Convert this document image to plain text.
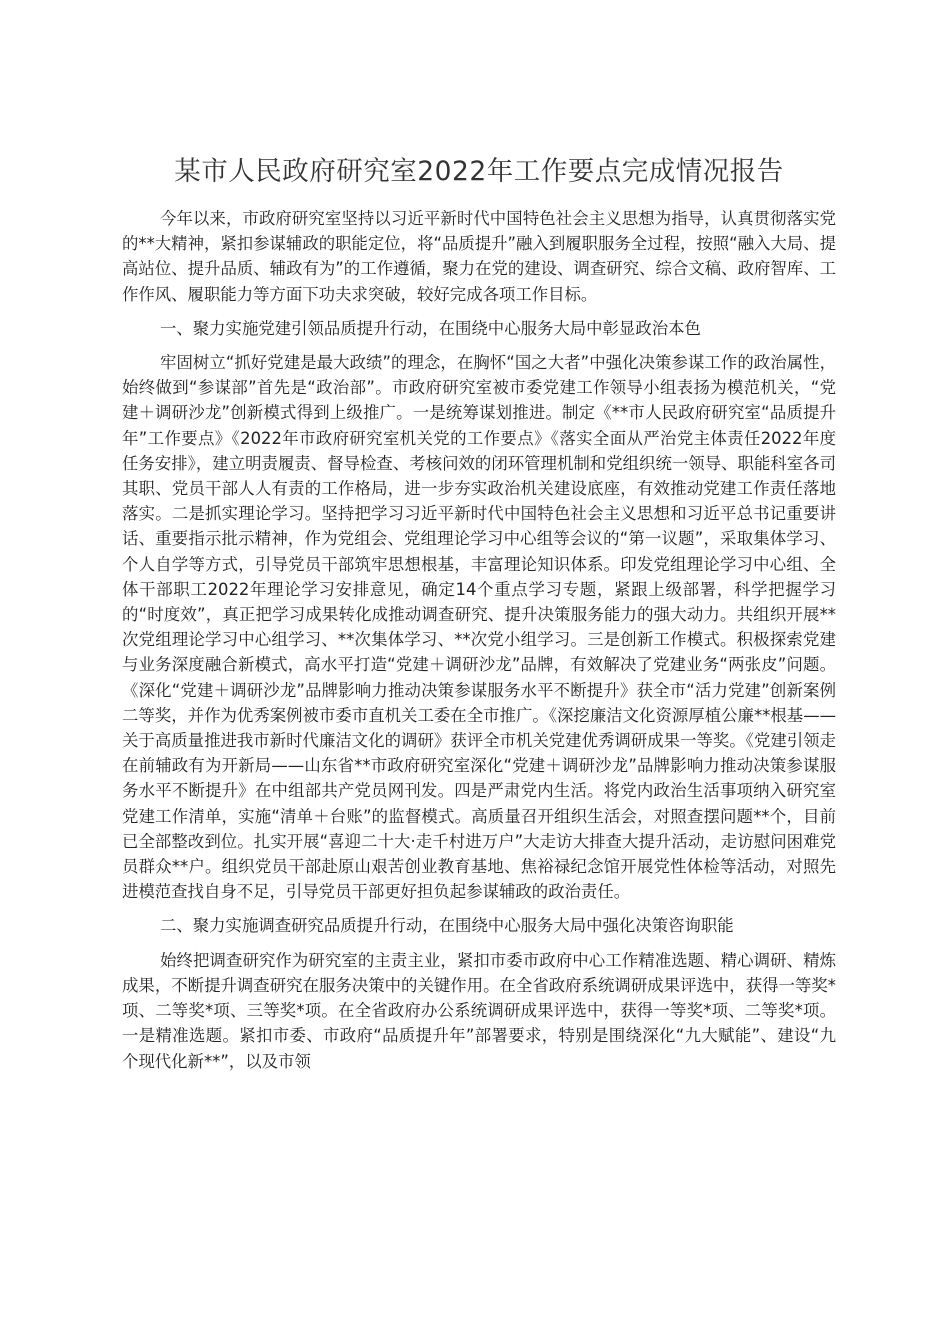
某市人民政府研究室2022年工作要点完成情况报告

今年以来，市政府研究室坚持以习近平新时代中国特色社会主义思想为指导，认真贯彻落实党的**大精神，紧扣参谋辅政的职能定位，将“品质提升”融入到履职服务全过程，按照“融入大局、提高站位、提升品质、辅政有为”的工作遵循，聚力在党的建设、调查研究、综合文稿、政府智库、工作作风、履职能力等方面下功夫求突破，较好完成各项工作目标。

一、聚力实施党建引领品质提升行动，在围绕中心服务大局中彰显政治本色

牢固树立“抓好党建是最大政绩”的理念，在胸怀“国之大者”中强化决策参谋工作的政治属性，始终做到“参谋部”首先是“政治部”。市政府研究室被市委党建工作领导小组表扬为模范机关，“党建＋调研沙龙”创新模式得到上级推广。一是统筹谋划推进。制定《**市人民政府研究室“品质提升年”工作要点》《2022年市政府研究室机关党的工作要点》《落实全面从严治党主体责任2022年度任务安排》，建立明责履责、督导检查、考核问效的闭环管理机制和党组织统一领导、职能科室各司其职、党员干部人人有责的工作格局，进一步夯实政治机关建设底座，有效推动党建工作责任落地落实。二是抓实理论学习。坚持把学习习近平新时代中国特色社会主义思想和习近平总书记重要讲话、重要指示批示精神，作为党组会、党组理论学习中心组等会议的“第一议题”，采取集体学习、个人自学等方式，引导党员干部筑牢思想根基，丰富理论知识体系。印发党组理论学习中心组、全体干部职工2022年理论学习安排意见，确定14个重点学习专题，紧跟上级部署，科学把握学习的“时度效”，真正把学习成果转化成推动调查研究、提升决策服务能力的强大动力。共组织开展**次党组理论学习中心组学习、**次集体学习、**次党小组学习。三是创新工作模式。积极探索党建与业务深度融合新模式，高水平打造“党建＋调研沙龙”品牌，有效解决了党建业务“两张皮”问题。《深化“党建＋调研沙龙”品牌影响力推动决策参谋服务水平不断提升》获全市“活力党建”创新案例二等奖，并作为优秀案例被市委市直机关工委在全市推广。《深挖廉洁文化资源厚植公廉**根基——关于高质量推进我市新时代廉洁文化的调研》获评全市机关党建优秀调研成果一等奖。《党建引领走在前辅政有为开新局——山东省**市政府研究室深化“党建＋调研沙龙”品牌影响力推动决策参谋服务水平不断提升》在中组部共产党员网刊发。四是严肃党内生活。将党内政治生活事项纳入研究室党建工作清单，实施“清单＋台账”的监督模式。高质量召开组织生活会，对照查摆问题**个，目前已全部整改到位。扎实开展“喜迎二十大·走千村进万户”大走访大排查大提升活动，走访慰问困难党员群众**户。组织党员干部赴原山艰苦创业教育基地、焦裕禄纪念馆开展党性体检等活动，对照先进模范查找自身不足，引导党员干部更好担负起参谋辅政的政治责任。

二、聚力实施调查研究品质提升行动，在围绕中心服务大局中强化决策咨询职能

始终把调查研究作为研究室的主责主业，紧扣市委市政府中心工作精准选题、精心调研、精炼成果，不断提升调查研究在服务决策中的关键作用。在全省政府系统调研成果评选中，获得一等奖*项、二等奖*项、三等奖*项。在全省政府办公系统调研成果评选中，获得一等奖*项、二等奖*项。一是精准选题。紧扣市委、市政府“品质提升年”部署要求，特别是围绕深化“九大赋能”、建设“九个现代化新**”，以及市领
